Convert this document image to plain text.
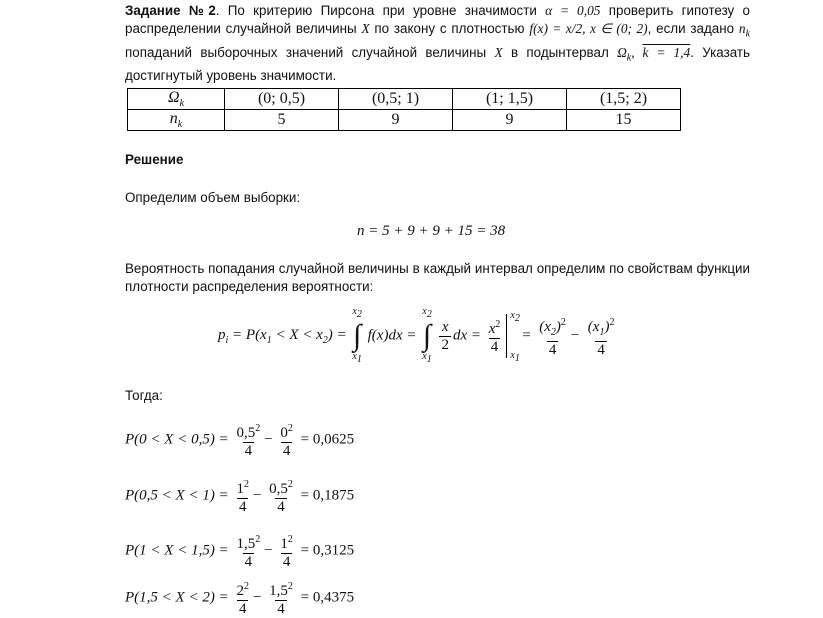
Задание №2. По критерию Пирсона при уровне значимости α = 0,05 проверить гипотезу о распределении случайной величины X по закону с плотностью f(x) = x/2, x ∈ (0; 2), если задано $n_k$ попаданий выборочных значений случайной величины X в подынтервал $\Omega_k$, k = 1,4. Указать достигнутый уровень значимости.
$\Omega_k$	(0; 0,5)	(0,5; 1)	(1; 1,5)	(1,5; 2)
$n_k$	5	9	9	15
Решение
Определим объем выборки:
n = 5 + 9 + 9 + 15 = 38
Вероятность попадания случайной величины в каждый интервал определим по свойствам функции плотности распределения вероятности:
$p_i = P(x_1 < X < x_2)$ =
$x_2$
∫
$x_1$
f(x)dx =
$x_2$
∫
$x_1$

$\frac{x}{2}$ dx = $\frac{x^2}{4}$
$x_2$
$x_1$
= $\frac{(x_2)^2}{4} - \frac{(x_1)^2}{4}$
Тогда:
$P(0 < X < 0,5) = \frac{0,5^2}{4} - \frac{0^2}{4} = 0,0625$
$P(0,5 < X < 1) = \frac{1^2}{4} - \frac{0,5^2}{4} = 0,1875$
$P(1 < X < 1,5) = \frac{1,5^2}{4} - \frac{1^2}{4} = 0,3125$
$P(1,5 < X < 2) = \frac{2^2}{4} - \frac{1,5^2}{4} = 0,4375$
